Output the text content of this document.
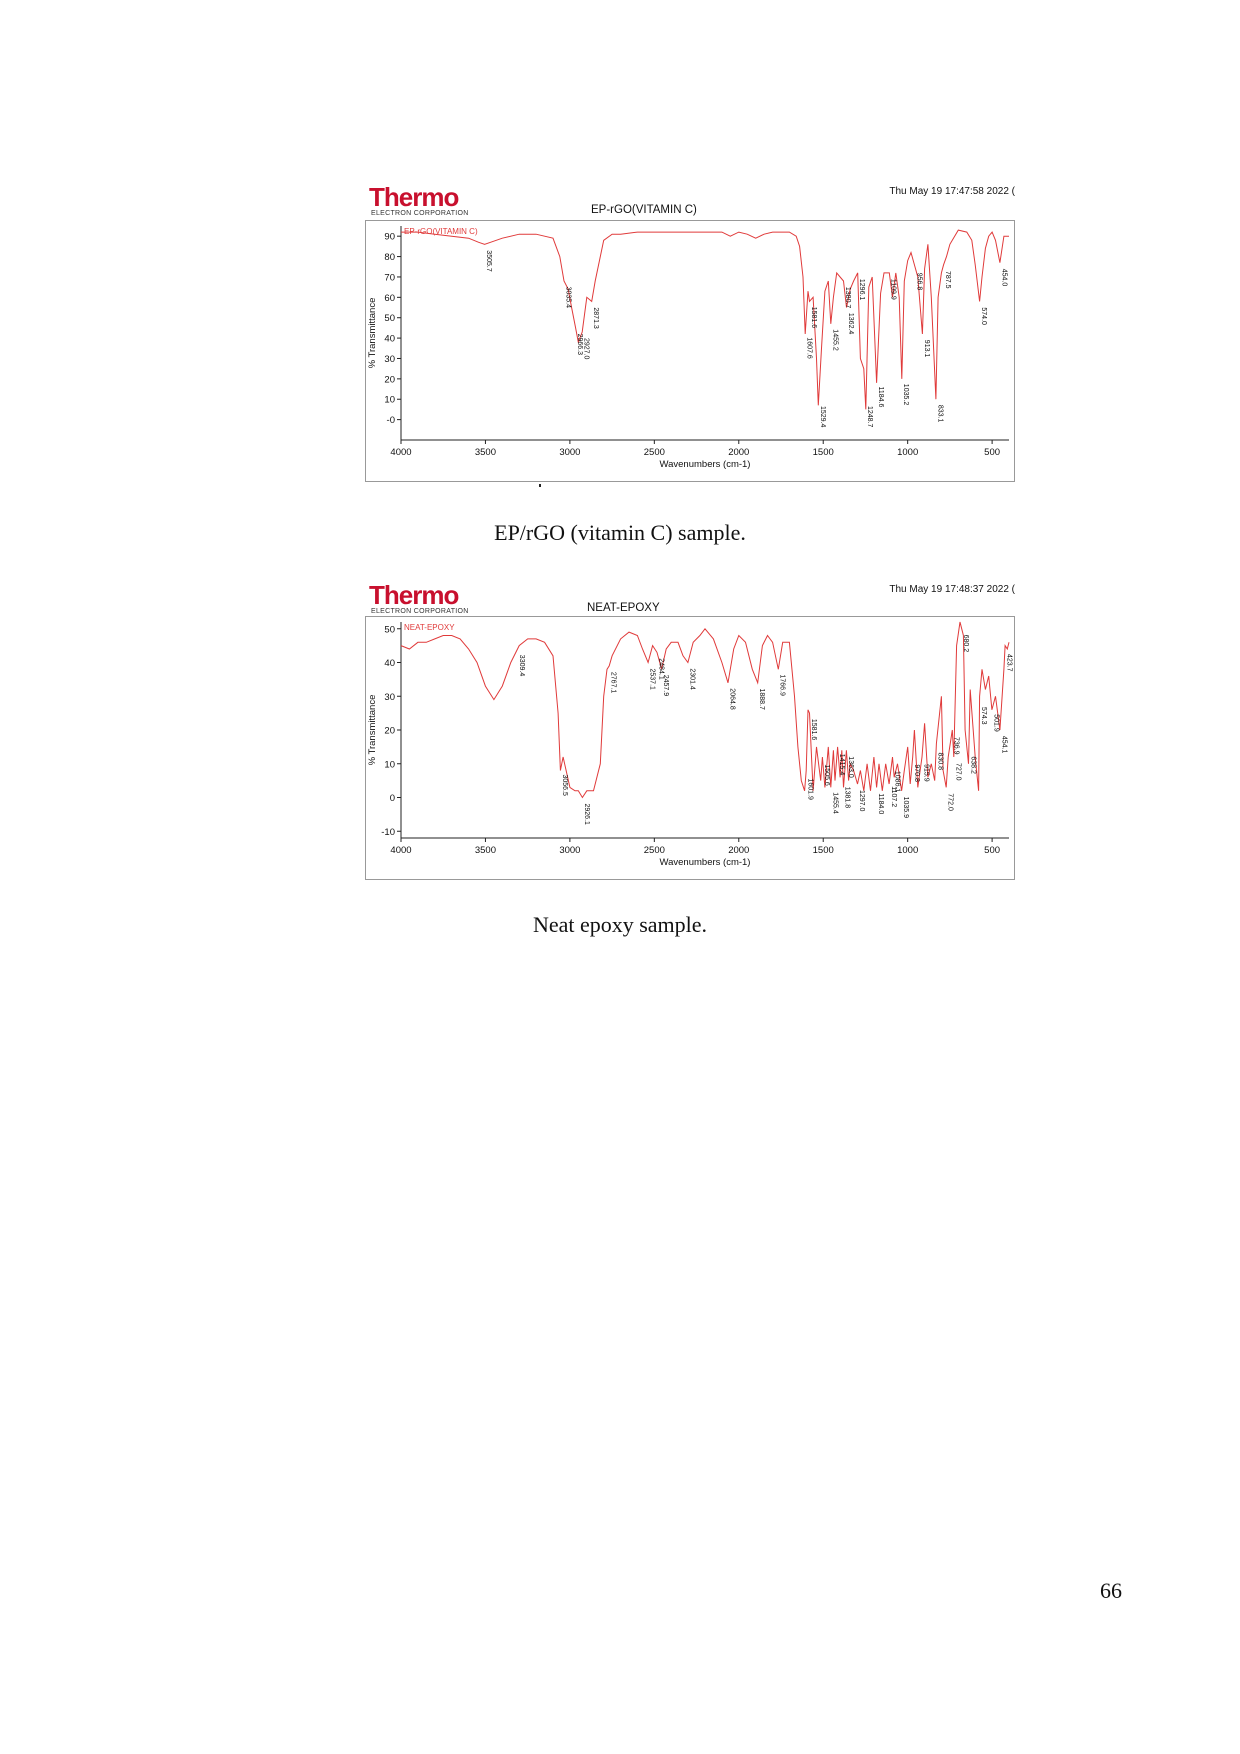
Thermo
ELECTRON CORPORATION
Thu May 19 17:47:58 2022 (
EP-rGO(VITAMIN C)
-0
10
20
30
40
50
60
70
80
90
4000	3500	3000	2500	2000	1500	1000	500
Wavenumbers (cm-1)
% Transmittance
EP-rGO(VITAMIN C)
3505.7
3035.4
2966.3 2927.0
2871.3
1607.6
1581.6
1529.4
1455.2
1380.7
1362.4
1296.1
1248.7
1184.6
1109.9
1035.2
956.8
913.1
833.1
787.5
574.0
454.0
EP/rGO (vitamin C) sample.
Thermo
ELECTRON CORPORATION
Thu May 19 17:48:37 2022 (
NEAT-EPOXY
-10
0
10
20
30
40
50
4000	3500	3000	2500	2000	1500	1000	500
Wavenumbers (cm-1)
% Transmittance
NEAT-EPOXY
3309.4
3056.5
2926.1
2767.1	2537.1 2484.1
2457.9	2301.4
2064.8	1888.7
1766.9
1601.9
1581.6
1505.6
1455.4
1415.4
1381.8
1363.0
1297.0 1184.0 1107.2
1086.1
1035.9
970.8 915.9
830.8
772.0
736.9
727.0
680.2
638.2
574.3 501.9
454.1
423.7
Neat epoxy sample.
66
